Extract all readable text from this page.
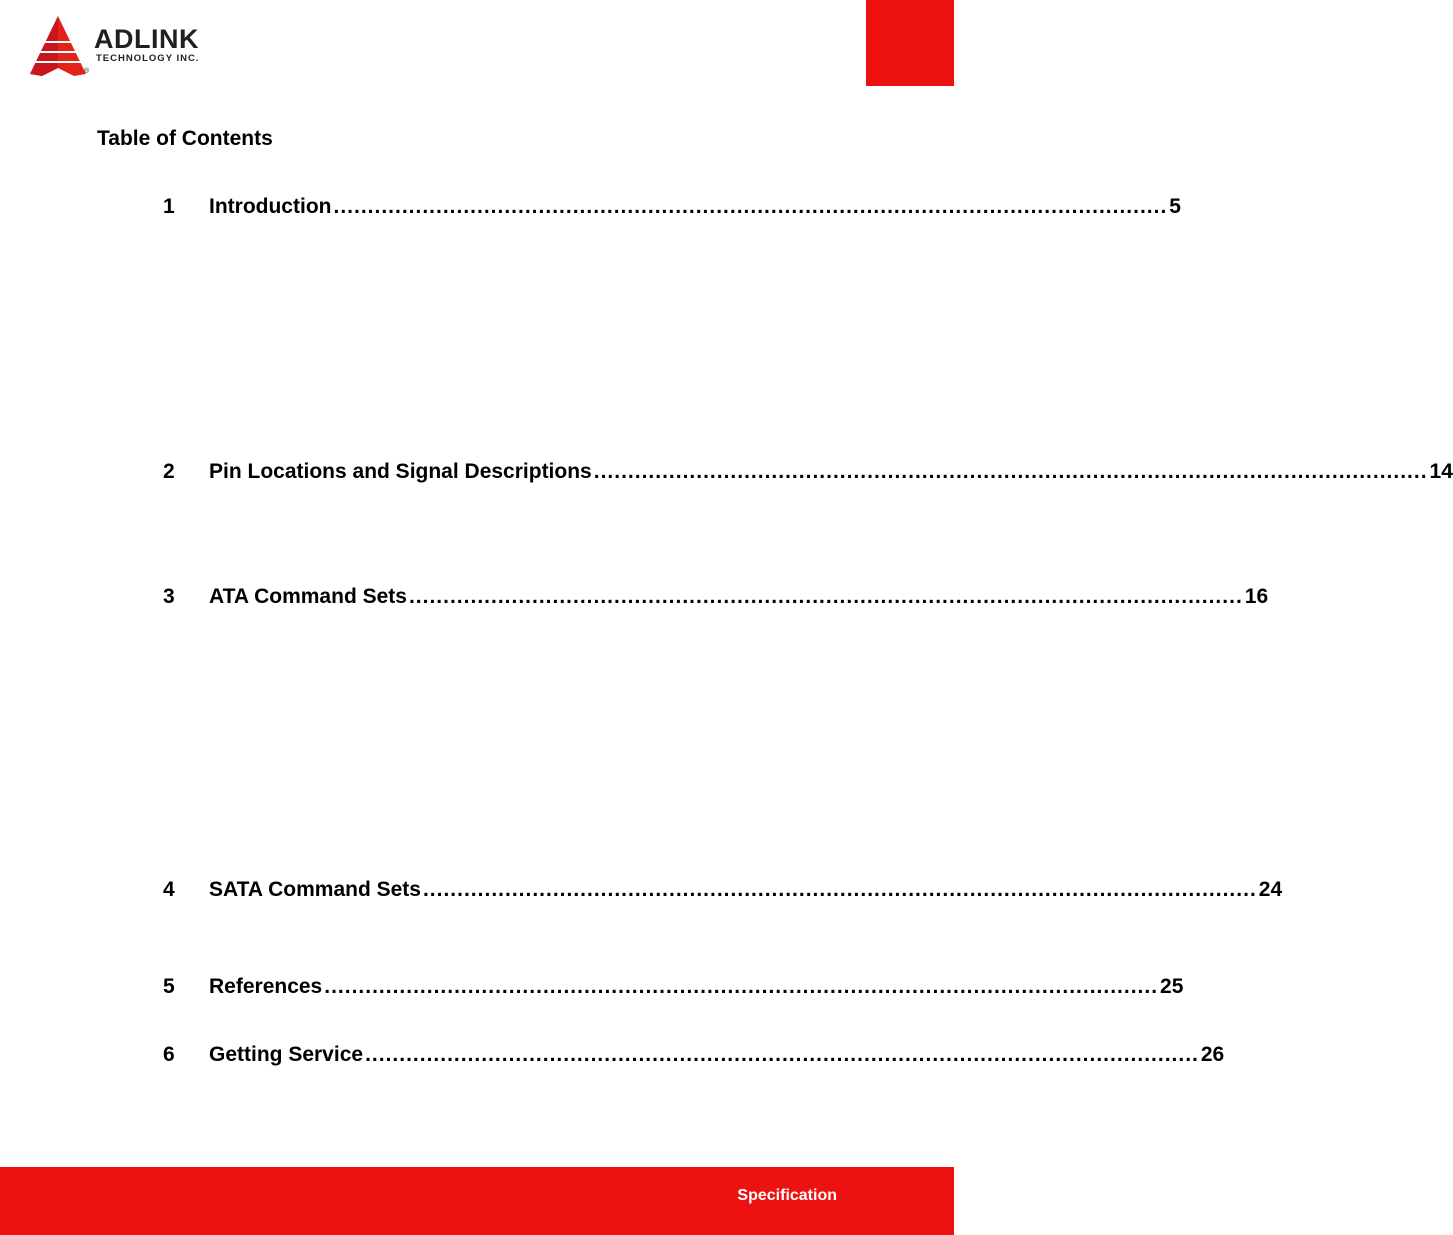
ADLINK
TECHNOLOGY INC.
®
Table of Contents
1	Introduction .......................................................................................................................... 5
2	Pin Locations and Signal Descriptions .......................................................................................................................... 14
3	ATA Command Sets .......................................................................................................................... 16
4	SATA Command Sets .......................................................................................................................... 24
5	References .......................................................................................................................... 25
6	Getting Service .......................................................................................................................... 26
Specification
